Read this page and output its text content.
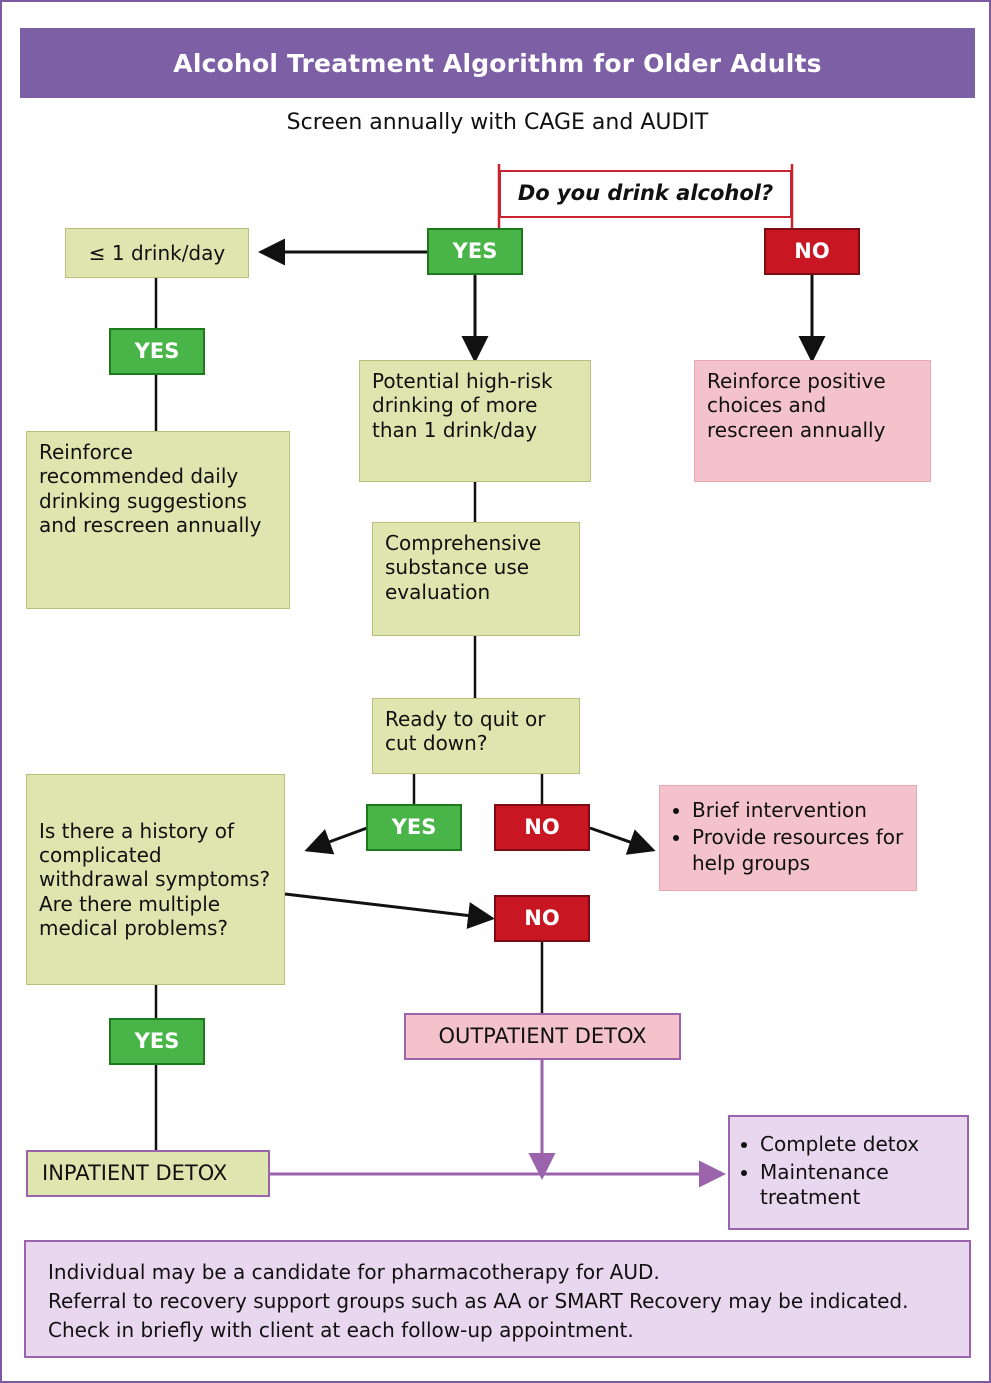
Alcohol Treatment Algorithm for Older Adults
Screen annually with CAGE and AUDIT
Do you drink alcohol?
YES	NO
≤ 1 drink/day
YES
Reinforce recommended daily drinking suggestions and rescreen annually
Potential high-risk drinking of more than 1 drink/day
Reinforce positive choices and rescreen annually
Comprehensive substance use evaluation
Ready to quit or cut down?
YES	NO
• Brief intervention
• Provide resources for help groups
Is there a history of complicated withdrawal symptoms?
Are there multiple medical problems?	NO
YES	OUTPATIENT DETOX
INPATIENT DETOX
• Complete detox
• Maintenance treatment
Individual may be a candidate for pharmacotherapy for AUD.
Referral to recovery support groups such as AA or SMART Recovery may be indicated.
Check in briefly with client at each follow-up appointment.
